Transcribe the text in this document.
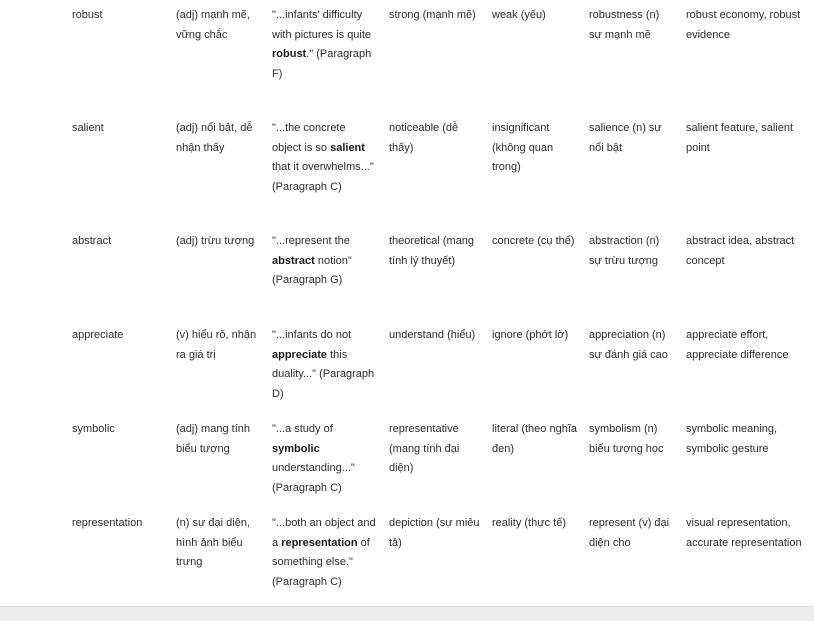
	robust	(adj) mạnh mẽ, vững chắc	"...infants' difficulty with pictures is quite robust." (Paragraph F)	strong (mạnh mẽ)	weak (yếu)	robustness (n) sự mạnh mẽ	robust economy, robust evidence
	salient	(adj) nổi bật, dễ nhận thấy	"...the concrete object is so salient that it overwhelms..." (Paragraph C)	noticeable (dễ thấy)	insignificant (không quan trọng)	salience (n) sự nổi bật	salient feature, salient point
	abstract	(adj) trừu tượng	"...represent the abstract notion" (Paragraph G)	theoretical (mang tính lý thuyết)	concrete (cụ thể)	abstraction (n) sự trừu tượng	abstract idea, abstract concept
	appreciate	(v) hiểu rõ, nhận ra giá trị	"...infants do not appreciate this duality..." (Paragraph D)	understand (hiểu)	ignore (phớt lờ)	appreciation (n) sự đánh giá cao	appreciate effort, appreciate difference
	symbolic	(adj) mang tính biểu tượng	"...a study of symbolic understanding..." (Paragraph C)	representative (mang tính đại diện)	literal (theo nghĩa đen)	symbolism (n) biểu tượng học	symbolic meaning, symbolic gesture
	representation	(n) sự đại diện, hình ảnh biểu trưng	"...both an object and a representation of something else." (Paragraph C)	depiction (sự miêu tả)	reality (thực tế)	represent (v) đại diện cho	visual representation, accurate representation
